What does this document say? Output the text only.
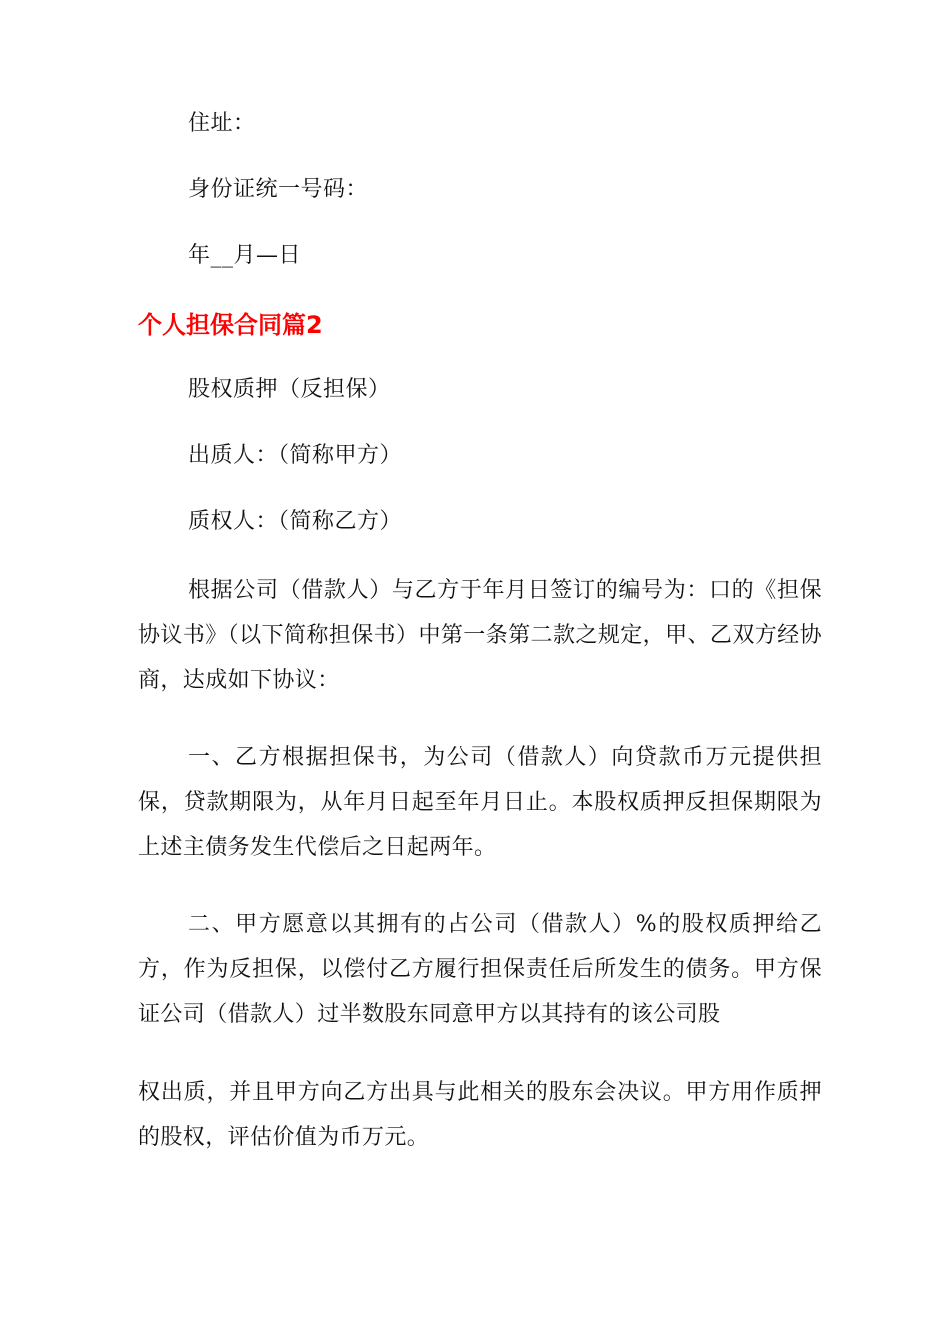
住址：
身份证统一号码：
年__月—日
个人担保合同篇2
股权质押（反担保）
出质人：（简称甲方）
质权人：（简称乙方）
根据公司（借款人）与乙方于年月日签订的编号为：口的《担保协议书》（以下简称担保书）中第一条第二款之规定，甲、乙双方经协商，达成如下协议：
一、乙方根据担保书，为公司（借款人）向贷款币万元提供担保，贷款期限为，从年月日起至年月日止。本股权质押反担保期限为上述主债务发生代偿后之日起两年。
二、甲方愿意以其拥有的占公司（借款人）%的股权质押给乙方，作为反担保，以偿付乙方履行担保责任后所发生的债务。甲方保证公司（借款人）过半数股东同意甲方以其持有的该公司股
权出质，并且甲方向乙方出具与此相关的股东会决议。甲方用作质押的股权，评估价值为币万元。
